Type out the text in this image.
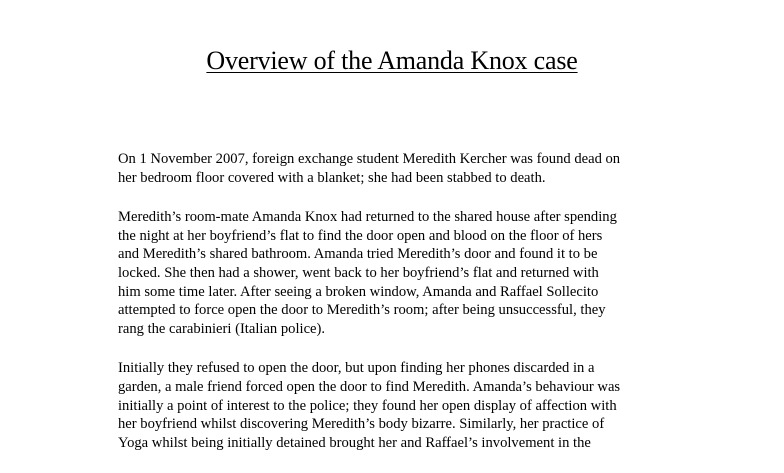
Overview of the Amanda Knox case

On 1 November 2007, foreign exchange student Meredith Kercher was found dead on
her bedroom floor covered with a blanket; she had been stabbed to death.

Meredith’s room-mate Amanda Knox had returned to the shared house after spending
the night at her boyfriend’s flat to find the door open and blood on the floor of hers
and Meredith’s shared bathroom. Amanda tried Meredith’s door and found it to be
locked. She then had a shower, went back to her boyfriend’s flat and returned with
him some time later. After seeing a broken window, Amanda and Raffael Sollecito
attempted to force open the door to Meredith’s room; after being unsuccessful, they
rang the carabinieri (Italian police).

Initially they refused to open the door, but upon finding her phones discarded in a
garden, a male friend forced open the door to find Meredith. Amanda’s behaviour was
initially a point of interest to the police; they found her open display of affection with
her boyfriend whilst discovering Meredith’s body bizarre. Similarly, her practice of
Yoga whilst being initially detained brought her and Raffael’s involvement in the
